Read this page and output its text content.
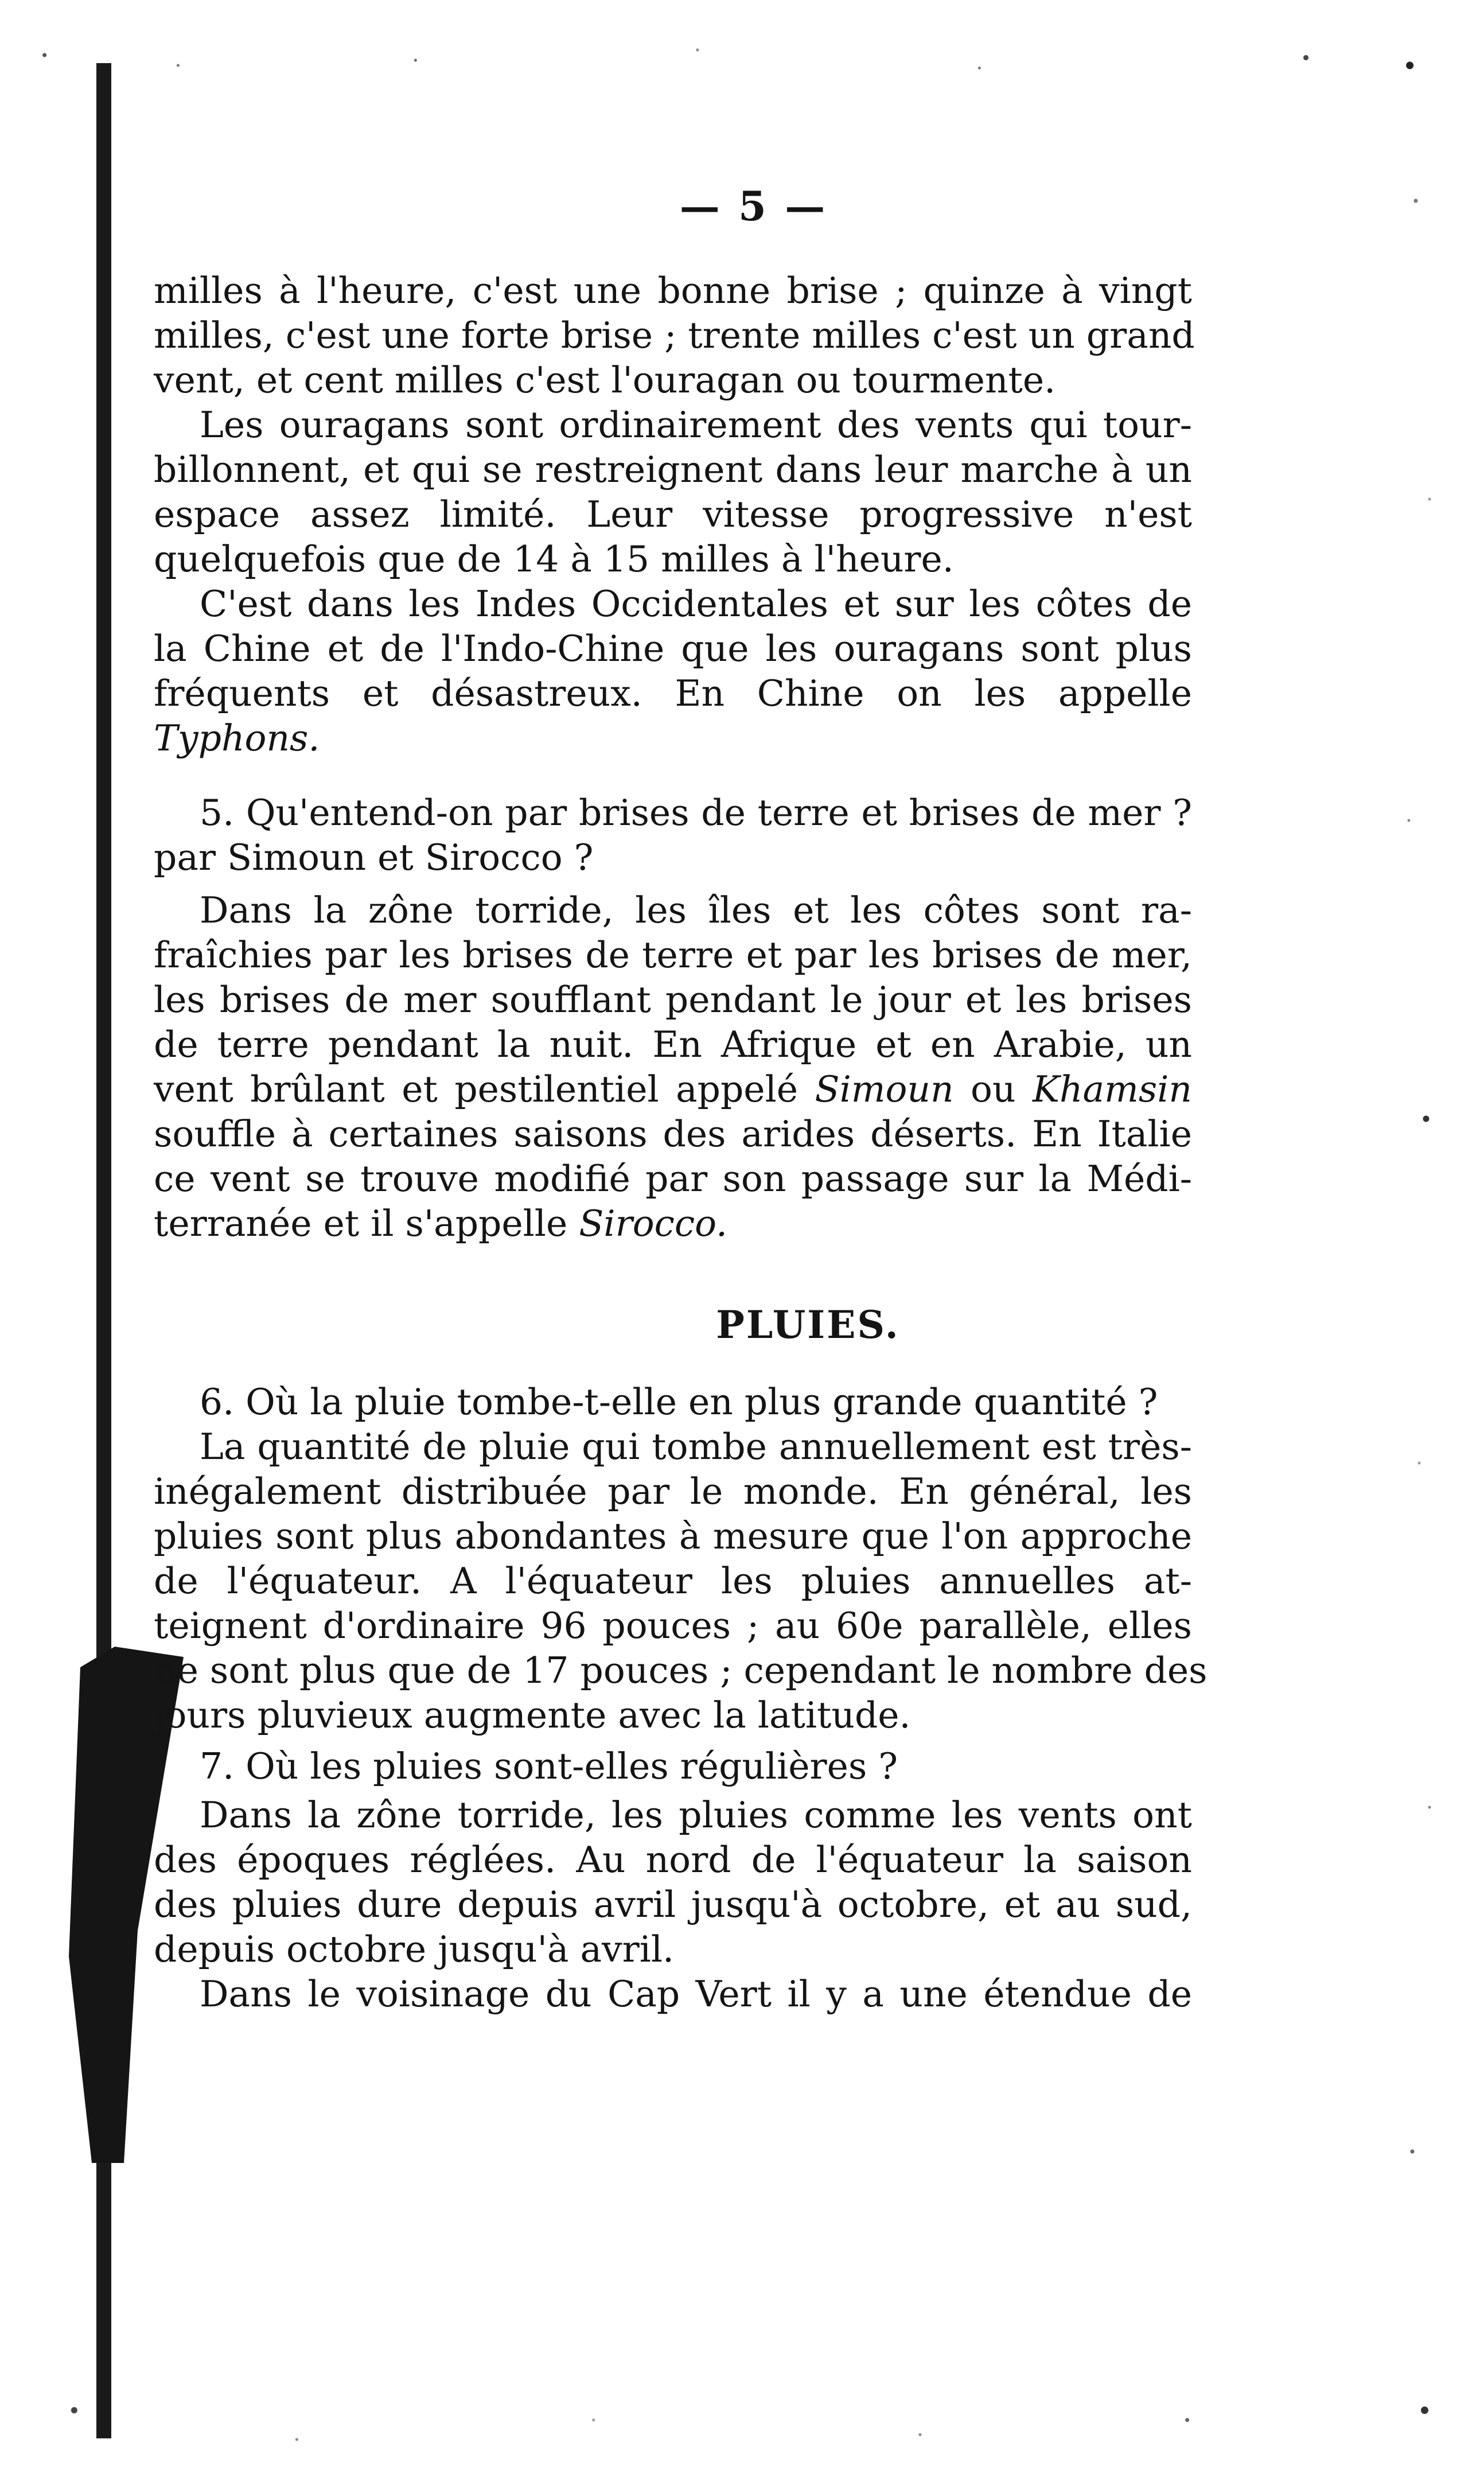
— 5 —
milles à l'heure, c'est une bonne brise ; quinze à vingt
milles, c'est une forte brise ; trente milles c'est un grand
vent, et cent milles c'est l'ouragan ou tourmente.
Les ouragans sont ordinairement des vents qui tour-
billonnent, et qui se restreignent dans leur marche à un
espace assez limité. Leur vitesse progressive n'est
quelquefois que de 14 à 15 milles à l'heure.
C'est dans les Indes Occidentales et sur les côtes de
la Chine et de l'Indo-Chine que les ouragans sont plus
fréquents et désastreux. En Chine on les appelle
Typhons.
5. Qu'entend-on par brises de terre et brises de mer ?
par Simoun et Sirocco ?
Dans la zône torride, les îles et les côtes sont ra-
fraîchies par les brises de terre et par les brises de mer,
les brises de mer soufflant pendant le jour et les brises
de terre pendant la nuit. En Afrique et en Arabie, un
vent brûlant et pestilentiel appelé Simoun ou Khamsin
souffle à certaines saisons des arides déserts. En Italie
ce vent se trouve modifié par son passage sur la Médi-
terranée et il s'appelle Sirocco.
PLUIES.
6. Où la pluie tombe-t-elle en plus grande quantité ?
La quantité de pluie qui tombe annuellement est très-
inégalement distribuée par le monde. En général, les
pluies sont plus abondantes à mesure que l'on approche
de l'équateur. A l'équateur les pluies annuelles at-
teignent d'ordinaire 96 pouces ; au 60e parallèle, elles
ne sont plus que de 17 pouces ; cependant le nombre des
jours pluvieux augmente avec la latitude.
7. Où les pluies sont-elles régulières ?
Dans la zône torride, les pluies comme les vents ont
des époques réglées. Au nord de l'équateur la saison
des pluies dure depuis avril jusqu'à octobre, et au sud,
depuis octobre jusqu'à avril.
Dans le voisinage du Cap Vert il y a une étendue de
